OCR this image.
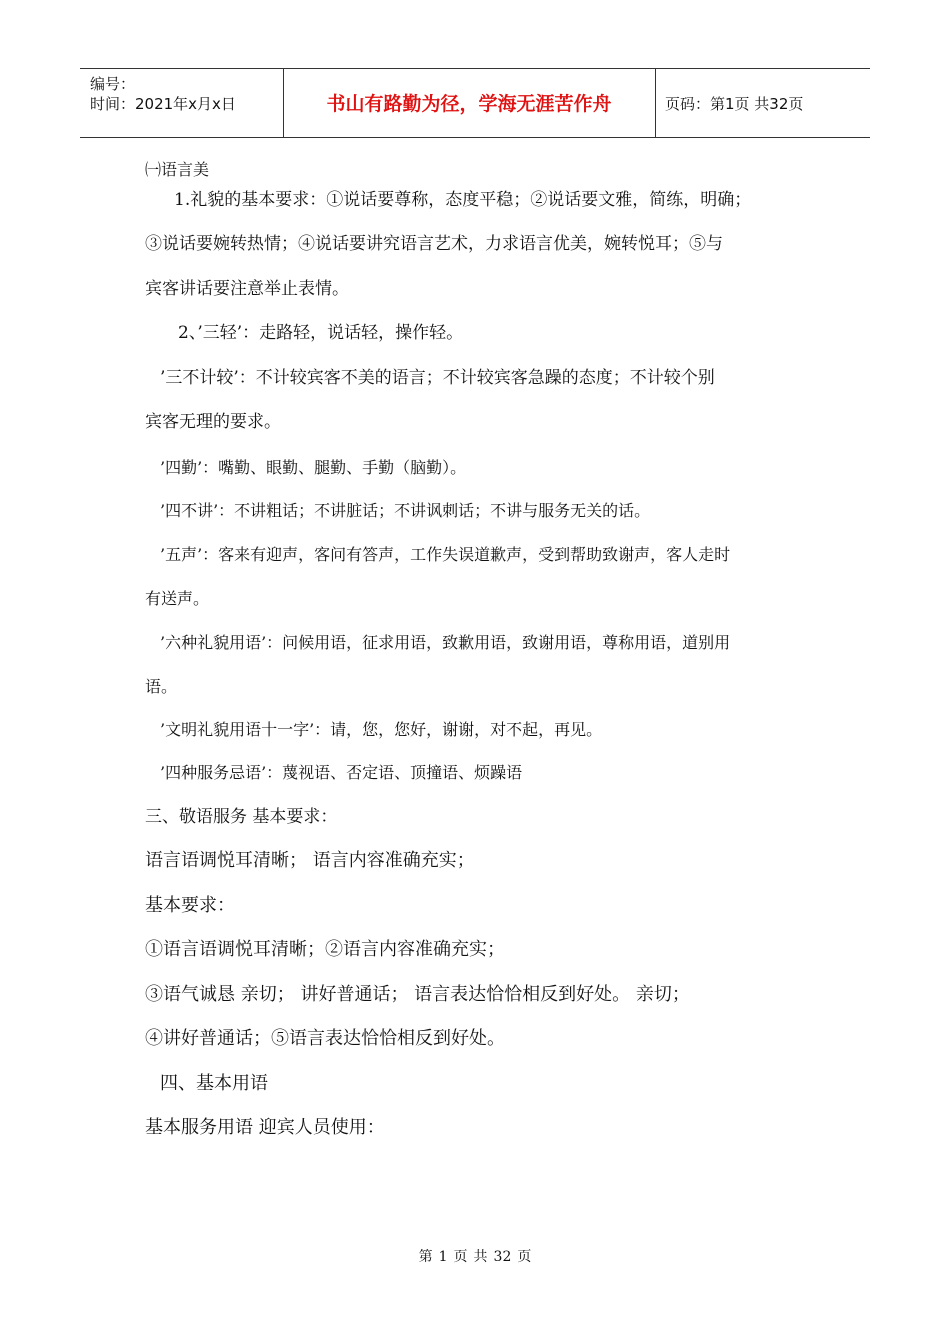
编号：
时间：2021年x月x日	书山有路勤为径，学海无涯苦作舟	页码：第1页 共32页
㈠语言美
1.礼貌的基本要求：①说话要尊称，态度平稳；②说话要文雅，简练，明确；
③说话要婉转热情；④说话要讲究语言艺术，力求语言优美，婉转悦耳；⑤与
宾客讲话要注意举止表情。
2、’三轻’：走路轻，说话轻，操作轻。
’三不计较’：不计较宾客不美的语言；不计较宾客急躁的态度；不计较个别
宾客无理的要求。
’四勤’：嘴勤、眼勤、腿勤、手勤（脑勤）。
’四不讲’：不讲粗话；不讲脏话；不讲讽刺话；不讲与服务无关的话。
’五声’：客来有迎声，客问有答声，工作失误道歉声，受到帮助致谢声，客人走时
有送声。
’六种礼貌用语’：问候用语，征求用语，致歉用语，致谢用语，尊称用语，道别用
语。
’文明礼貌用语十一字’：请，您，您好，谢谢，对不起，再见。
’四种服务忌语’：蔑视语、否定语、顶撞语、烦躁语
三、敬语服务 基本要求：
语言语调悦耳清晰； 语言内容准确充实；
基本要求：
①语言语调悦耳清晰；②语言内容准确充实；
③语气诚恳 亲切； 讲好普通话； 语言表达恰恰相反到好处。 亲切；
④讲好普通话；⑤语言表达恰恰相反到好处。
四、基本用语
基本服务用语 迎宾人员使用：
第 1 页 共 32 页
